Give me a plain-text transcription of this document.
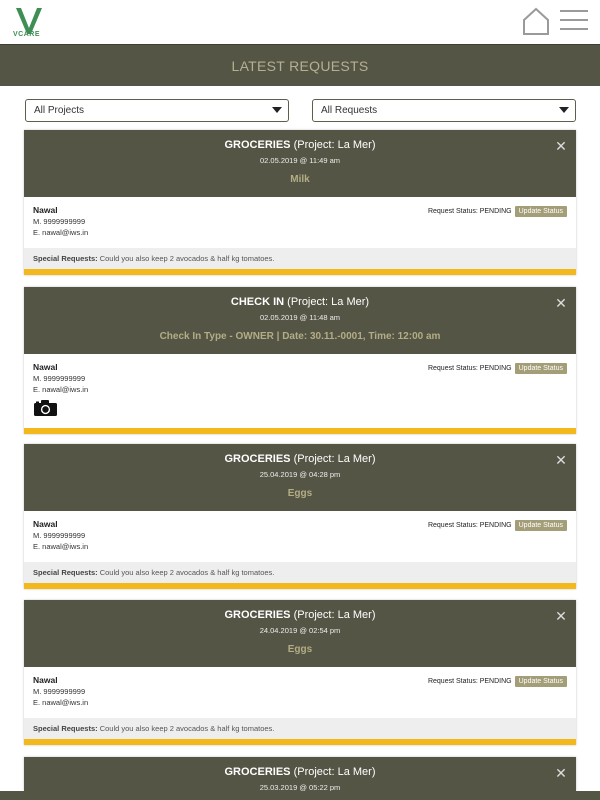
VCARE
LATEST REQUESTS
All Projects	All Requests
GROCERIES (Project: La Mer)
02.05.2019 @ 11:49 am
Milk
✕
Nawal
M. 9999999999
E. nawal@iws.in
Request Status: PENDING	Update Status
Special Requests: Could you also keep 2 avocados & half kg tomatoes.
CHECK IN (Project: La Mer)
02.05.2019 @ 11:48 am
Check In Type - OWNER | Date: 30.11.-0001, Time: 12:00 am
✕
Nawal
M. 9999999999
E. nawal@iws.in
Request Status: PENDING	Update Status
GROCERIES (Project: La Mer)
25.04.2019 @ 04:28 pm
Eggs
✕
Nawal
M. 9999999999
E. nawal@iws.in
Request Status: PENDING	Update Status
Special Requests: Could you also keep 2 avocados & half kg tomatoes.
GROCERIES (Project: La Mer)
24.04.2019 @ 02:54 pm
Eggs
✕
Nawal
M. 9999999999
E. nawal@iws.in
Request Status: PENDING	Update Status
Special Requests: Could you also keep 2 avocados & half kg tomatoes.
GROCERIES (Project: La Mer)
25.03.2019 @ 05:22 pm
✕
